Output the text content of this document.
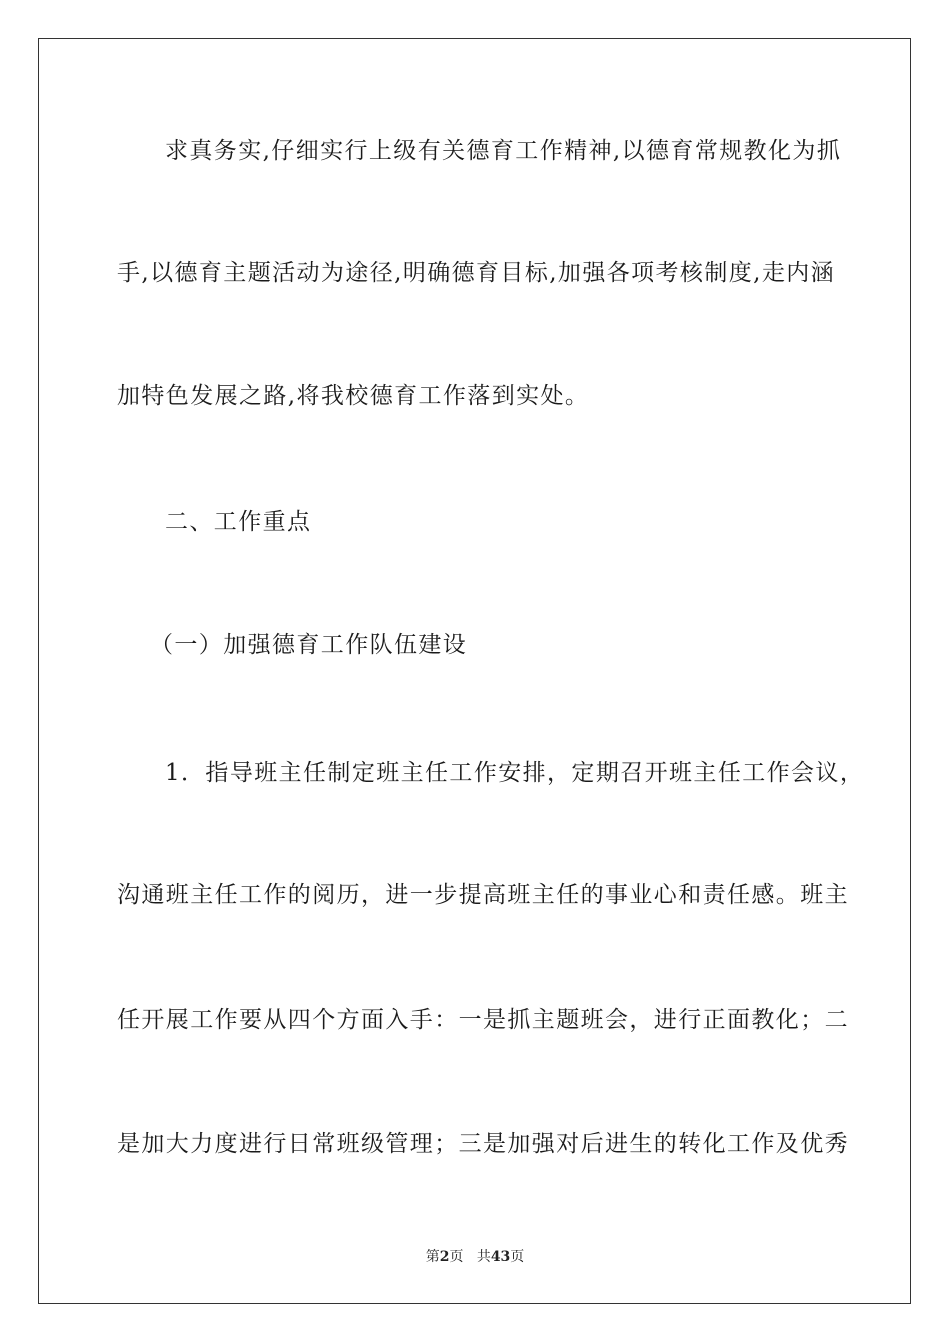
求真务实,仔细实行上级有关德育工作精神,以德育常规教化为抓
手,以德育主题活动为途径,明确德育目标,加强各项考核制度,走内涵
加特色发展之路,将我校德育工作落到实处。
二、工作重点
（一）加强德育工作队伍建设
1．指导班主任制定班主任工作安排，定期召开班主任工作会议，
沟通班主任工作的阅历，进一步提高班主任的事业心和责任感。班主
任开展工作要从四个方面入手：一是抓主题班会，进行正面教化；二
是加大力度进行日常班级管理；三是加强对后进生的转化工作及优秀
第2页 共43页
